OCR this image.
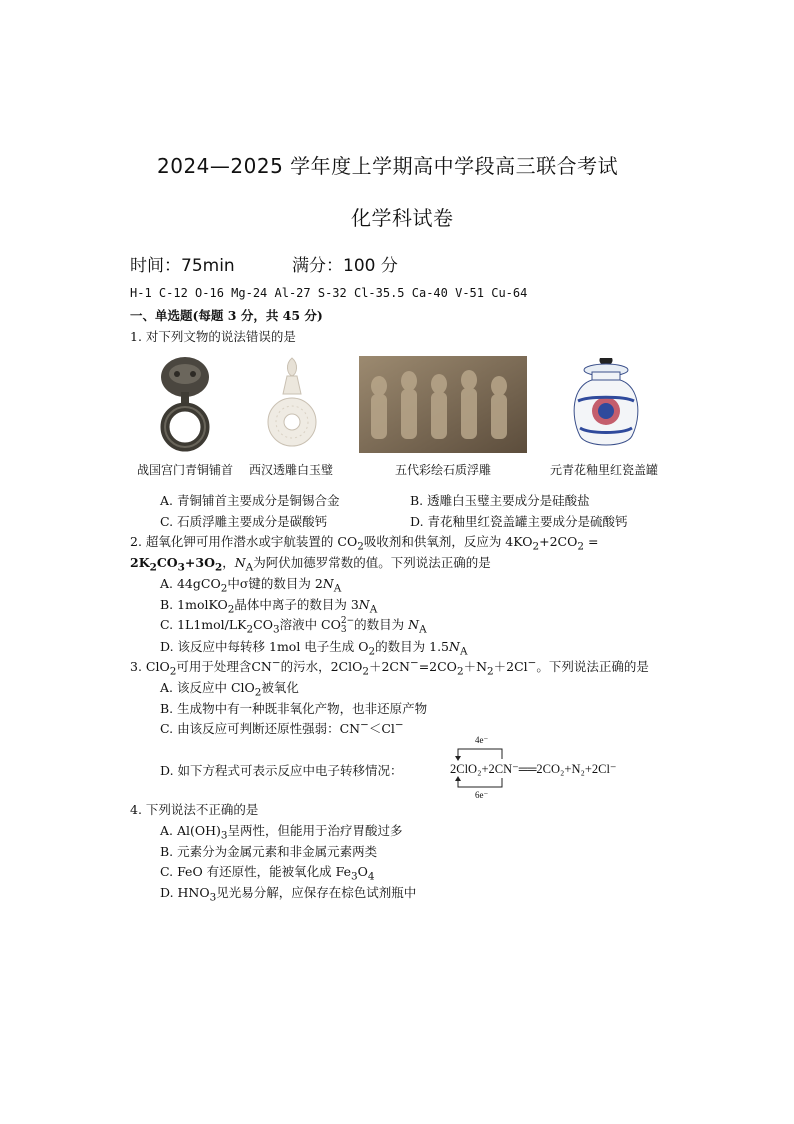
2024—2025 学年度上学期高中学段高三联合考试
化学科试卷
时间：75min	满分：100 分
H-1 C-12 O-16 Mg-24 Al-27 S-32 Cl-35.5 Ca-40 V-51 Cu-64
一、单选题(每题 3 分，共 45 分)
1. 对下列文物的说法错误的是
战国宫门青铜铺首	西汉透雕白玉璧	五代彩绘石质浮雕	元青花釉里红瓷盖罐
A. 青铜铺首主要成分是铜锡合金	B. 透雕白玉璧主要成分是硅酸盐
C. 石质浮雕主要成分是碳酸钙	D. 青花釉里红瓷盖罐主要成分是硫酸钙
2. 超氧化钾可用作潜水或宇航装置的 $CO_2$吸收剂和供氧剂，反应为 $4KO_2+2CO_2$ =
$2K_2CO_3+3O_2$，$N_A$为阿伏加德罗常数的值。下列说法正确的是
A. 44gCO$_2$中σ键的数目为 $2N_A$
B. 1molKO$_2$晶体中离子的数目为 $3N_A$
C. $1L1mol/LK_2CO_3$溶液中 CO 2−
3 的数目为 $N_A$
D. 该反应中每转移 1mol 电子生成 $O_2$的数目为 $1.5N_A$
3. ClO$_2$可用于处理含CN−的污水，$2ClO_2+2CN^-=2CO_2+N_2+2Cl^-$。下列说法正确的是
A. 该反应中 ClO$_2$被氧化
B. 生成物中有一种既非氧化产物，也非还原产物
C. 由该反应可判断还原性强弱：CN−＜Cl−
D. 如下方程式可表示反应中电子转移情况：
4e⁻
2ClO₂+2CN⁻══2CO₂+N₂+2Cl⁻
6e⁻
4. 下列说法不正确的是
A. $Al(OH)_3$呈两性，但能用于治疗胃酸过多
B. 元素分为金属元素和非金属元素两类
C. FeO 有还原性，能被氧化成 $Fe_3O_4$
D. $HNO_3$见光易分解，应保存在棕色试剂瓶中
